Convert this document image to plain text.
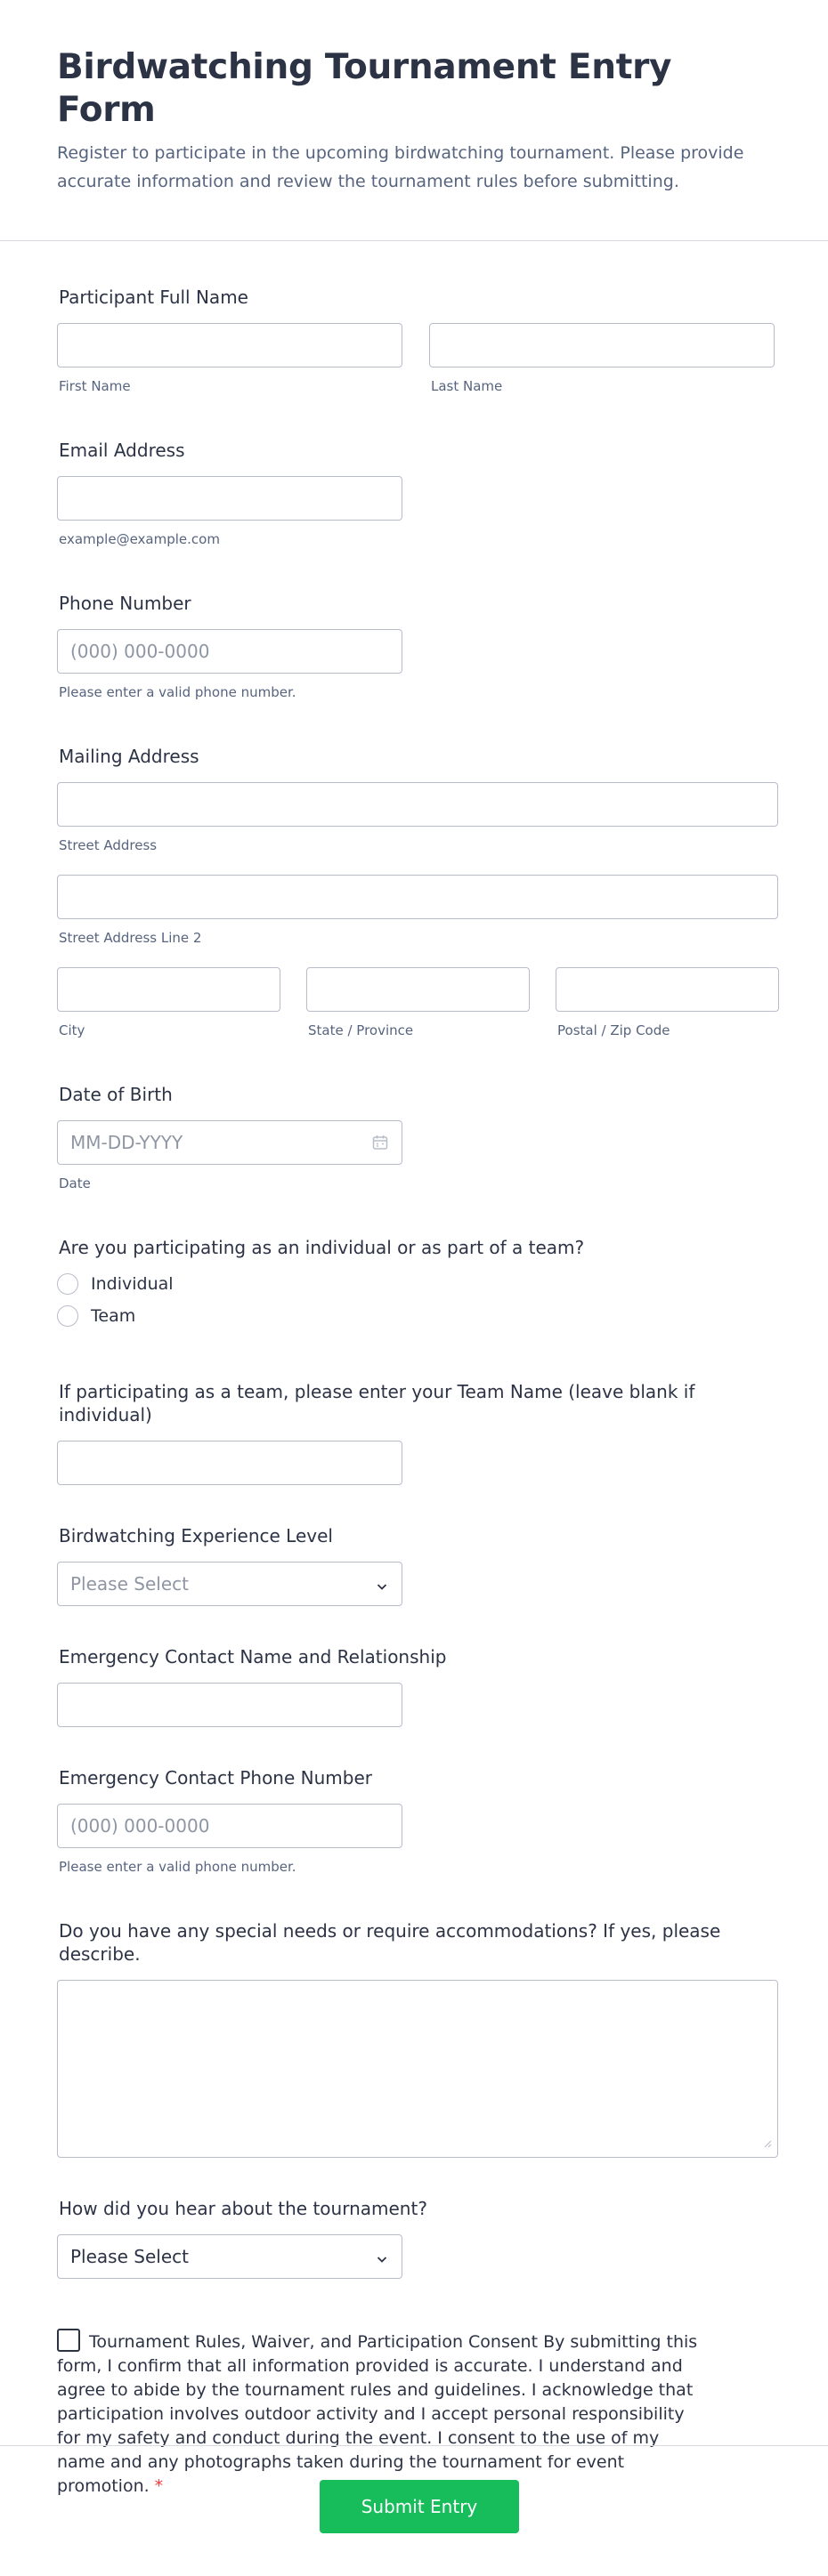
Birdwatching Tournament Entry Form

Register to participate in the upcoming birdwatching tournament. Please provide accurate information and review the tournament rules before submitting.

Participant Full Name
First Name	Last Name
Email Address
example@example.com
Phone Number
(000) 000-0000
Please enter a valid phone number.
Mailing Address
Street Address
Street Address Line 2
City	State / Province	Postal / Zip Code
Date of Birth
MM-DD-YYYY
Date
Are you participating as an individual or as part of a team?
Individual
Team
If participating as a team, please enter your Team Name (leave blank if individual)
Birdwatching Experience Level
Please Select
Emergency Contact Name and Relationship
Emergency Contact Phone Number
(000) 000-0000
Please enter a valid phone number.
Do you have any special needs or require accommodations? If yes, please describe.
How did you hear about the tournament?
Please Select
Tournament Rules, Waiver, and Participation Consent By submitting this form, I confirm that all information provided is accurate. I understand and agree to abide by the tournament rules and guidelines. I acknowledge that participation involves outdoor activity and I accept personal responsibility for my safety and conduct during the event. I consent to the use of my name and any photographs taken during the tournament for event promotion. *
Submit Entry
